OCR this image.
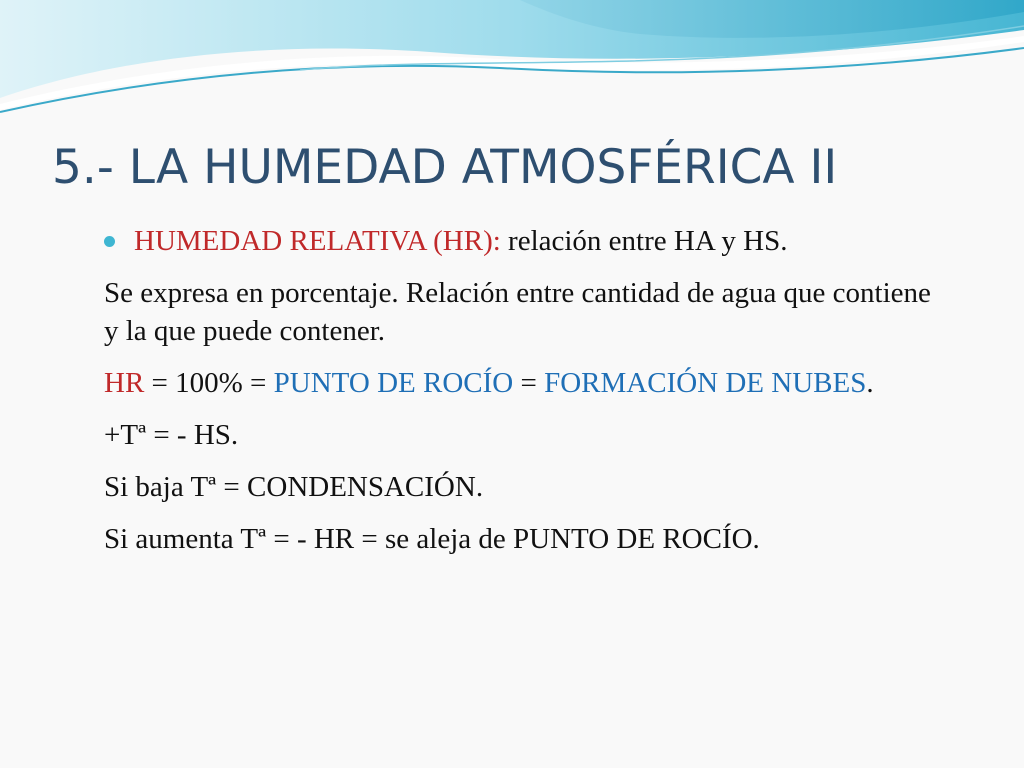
5.- LA HUMEDAD ATMOSFÉRICA II

HUMEDAD RELATIVA (HR): relación entre HA y HS.

Se expresa en porcentaje. Relación entre cantidad de agua que contiene y la que puede contener.

HR = 100% = PUNTO DE ROCÍO = FORMACIÓN DE NUBES.

+Tª = - HS.

Si baja Tª = CONDENSACIÓN.

Si aumenta Tª = - HR = se aleja de PUNTO DE ROCÍO.
